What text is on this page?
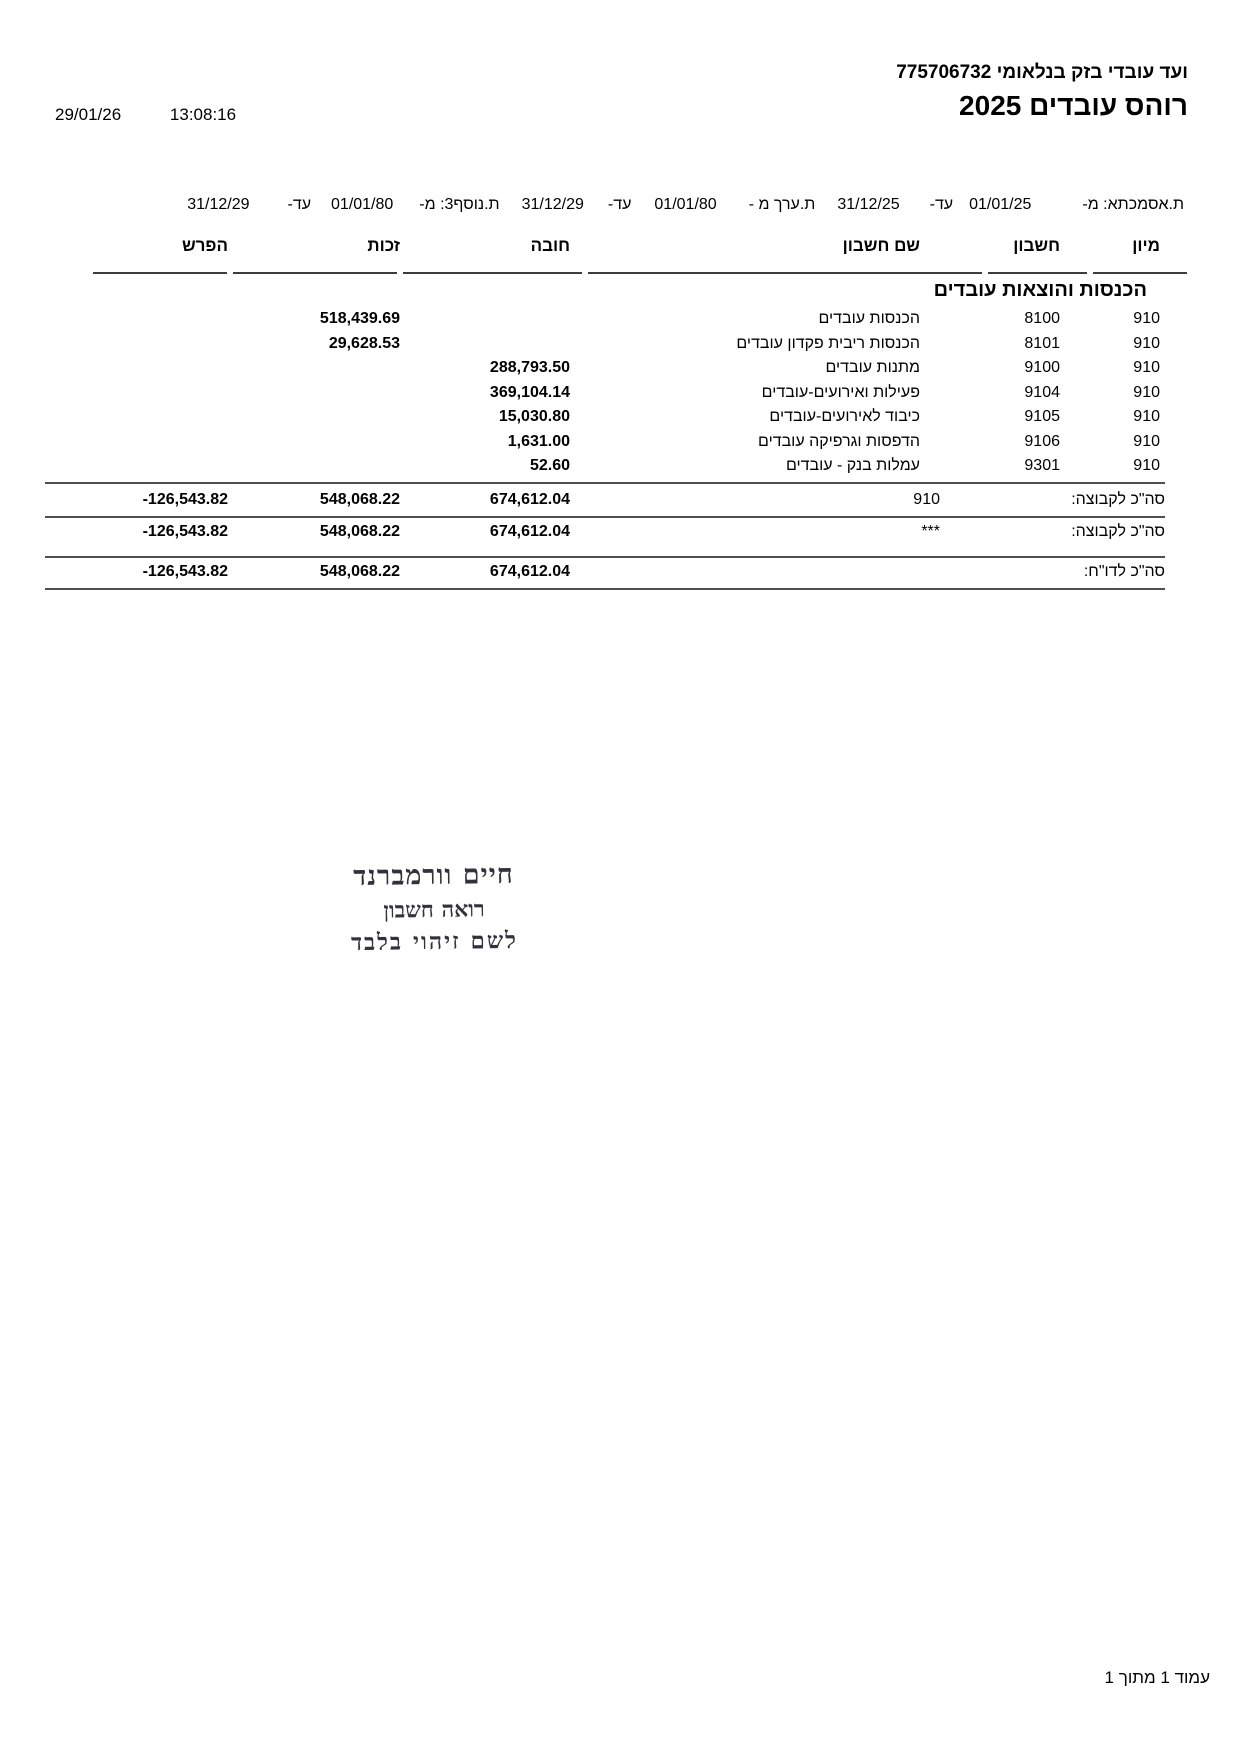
29/01/26	13:08:16
ועד עובדי בזק בנלאומי 775706732
רוהס עובדים 2025
ת.אסמכתא: מ-
01/01/25
עד-
31/12/25
ת.ערך מ -
01/01/80
עד-
31/12/29
ת.נוסף3: מ-
01/01/80
עד-
31/12/29
מיון
חשבון
שם חשבון
חובה
זכות
הפרש
הכנסות והוצאות עובדים
910
8100
הכנסות עובדים
518,439.69
910
8101
הכנסות ריבית פקדון עובדים
29,628.53
910
9100
מתנות עובדים
288,793.50
910
9104
פעילות ואירועים-עובדים
369,104.14
910
9105
כיבוד לאירועים-עובדים
15,030.80
910
9106
הדפסות וגרפיקה עובדים
1,631.00
910
9301
עמלות בנק - עובדים
52.60
סה"כ לקבוצה:
910
674,612.04
548,068.22
-126,543.82
סה"כ לקבוצה:
***
674,612.04
548,068.22
-126,543.82
סה"כ לדו"ח:
674,612.04
548,068.22
-126,543.82
חיים וורמברנד
רואה חשבון
לשם זיהוי בלבד
עמוד 1 מתוך 1
